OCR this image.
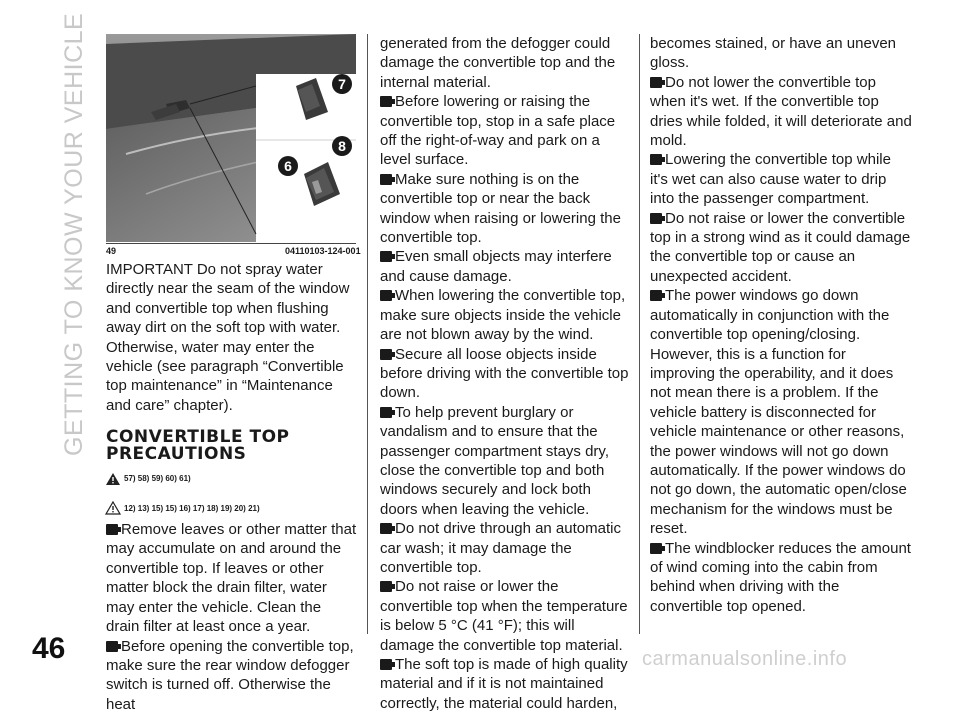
GETTING TO KNOW YOUR VEHICLE	7
8
6
49	04110103-124-001

IMPORTANT Do not spray water directly near the seam of the window and convertible top when flushing away dirt on the soft top with water. Otherwise, water may enter the vehicle (see paragraph “Convertible top maintenance” in “Maintenance and care” chapter).

CONVERTIBLE TOP PRECAUTIONS
57) 58) 59) 60) 61)
12) 13) 15) 15) 16) 17) 18) 19) 20) 21)

Remove leaves or other matter that may accumulate on and around the convertible top. If leaves or other matter block the drain filter, water may enter the vehicle. Clean the drain filter at least once a year.

Before opening the convertible top, make sure the rear window defogger switch is turned off. Otherwise the heat

generated from the defogger could damage the convertible top and the internal material.

Before lowering or raising the convertible top, stop in a safe place off the right-of-way and park on a level surface.

Make sure nothing is on the convertible top or near the back window when raising or lowering the convertible top.

Even small objects may interfere and cause damage.

When lowering the convertible top, make sure objects inside the vehicle are not blown away by the wind.

Secure all loose objects inside before driving with the convertible top down.

To help prevent burglary or vandalism and to ensure that the passenger compartment stays dry, close the convertible top and both windows securely and lock both doors when leaving the vehicle.

Do not drive through an automatic car wash; it may damage the convertible top.

Do not raise or lower the convertible top when the temperature is below 5 °C (41 °F); this will damage the convertible top material.

The soft top is made of high quality material and if it is not maintained correctly, the material could harden,

becomes stained, or have an uneven gloss.

Do not lower the convertible top when it's wet. If the convertible top dries while folded, it will deteriorate and mold.

Lowering the convertible top while it's wet can also cause water to drip into the passenger compartment.

Do not raise or lower the convertible top in a strong wind as it could damage the convertible top or cause an unexpected accident.

The power windows go down automatically in conjunction with the convertible top opening/closing. However, this is a function for improving the operability, and it does not mean there is a problem. If the vehicle battery is disconnected for vehicle maintenance or other reasons, the power windows will not go down automatically. If the power windows do not go down, the automatic open/close mechanism for the windows must be reset.

The windblocker reduces the amount of wind coming into the cabin from behind when driving with the convertible top opened.

46	carmanualsonline.info
